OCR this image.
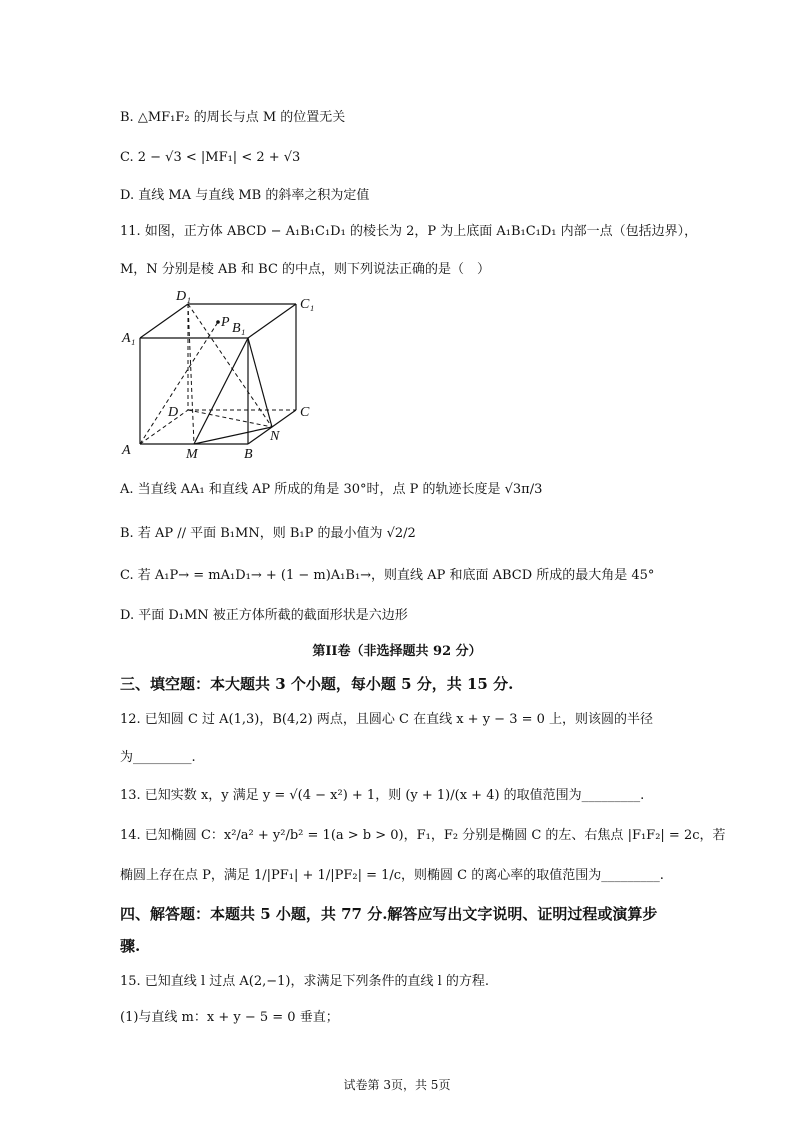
B. △MF₁F₂ 的周长与点 M 的位置无关
C. 2 − √3 < |MF₁| < 2 + √3
D. 直线 MA 与直线 MB 的斜率之积为定值
11. 如图，正方体 ABCD − A₁B₁C₁D₁ 的棱长为 2，P 为上底面 A₁B₁C₁D₁ 内部一点（包括边界），
M，N 分别是棱 AB 和 BC 的中点，则下列说法正确的是（　）
A₁
D₁
C₁
B₁
P
D	C
A	M	B
N
A. 当直线 AA₁ 和直线 AP 所成的角是 30°时，点 P 的轨迹长度是 √3π/3
B. 若 AP // 平面 B₁MN，则 B₁P 的最小值为 √2/2
C. 若 A₁P→ = mA₁D₁→ + (1 − m)A₁B₁→，则直线 AP 和底面 ABCD 所成的最大角是 45°
D. 平面 D₁MN 被正方体所截的截面形状是六边形
第II卷（非选择题共 92 分）
三、填空题：本大题共 3 个小题，每小题 5 分，共 15 分.
12. 已知圆 C 过 A(1,3)，B(4,2) 两点，且圆心 C 在直线 x + y − 3 = 0 上，则该圆的半径
为_________.
13. 已知实数 x，y 满足 y = √(4 − x²) + 1，则 (y + 1)/(x + 4) 的取值范围为_________.
14. 已知椭圆 C：x²/a² + y²/b² = 1(a > b > 0)，F₁，F₂ 分别是椭圆 C 的左、右焦点 |F₁F₂| = 2c，若
椭圆上存在点 P，满足 1/|PF₁| + 1/|PF₂| = 1/c，则椭圆 C 的离心率的取值范围为_________.
四、解答题：本题共 5 小题，共 77 分.解答应写出文字说明、证明过程或演算步
骤.
15. 已知直线 l 过点 A(2,−1)，求满足下列条件的直线 l 的方程.
(1)与直线 m：x + y − 5 = 0 垂直；
试卷第 3页，共 5页
